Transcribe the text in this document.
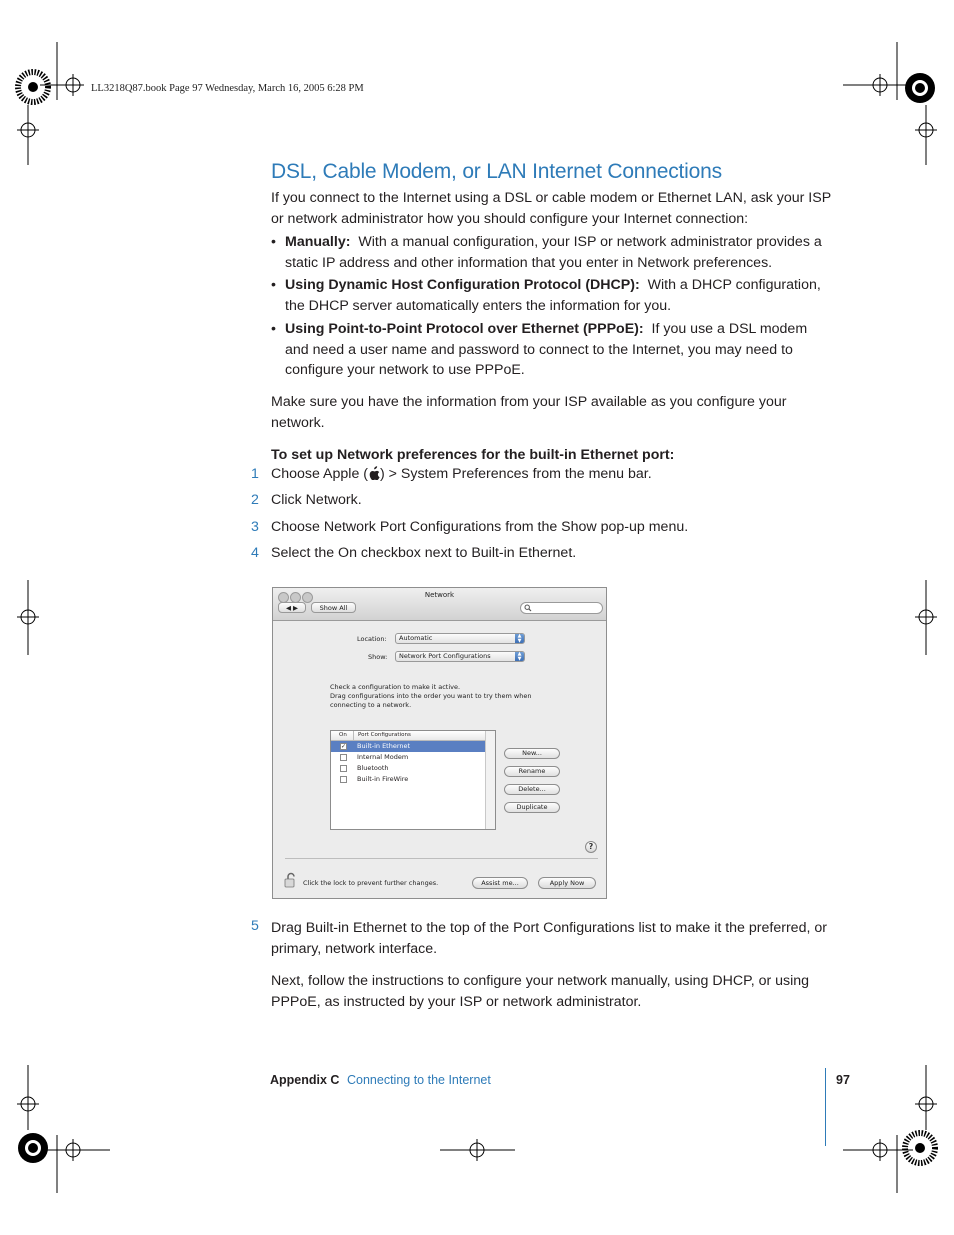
LL3218Q87.book Page 97 Wednesday, March 16, 2005 6:28 PM
DSL, Cable Modem, or LAN Internet Connections
If you connect to the Internet using a DSL or cable modem or Ethernet LAN, ask your ISP or network administrator how you should configure your Internet connection:
• Manually: With a manual configuration, your ISP or network administrator provides a static IP address and other information that you enter in Network preferences.
• Using Dynamic Host Configuration Protocol (DHCP): With a DHCP configuration, the DHCP server automatically enters the information for you.
• Using Point-to-Point Protocol over Ethernet (PPPoE): If you use a DSL modem and need a user name and password to connect to the Internet, you may need to configure your network to use PPPoE.
Make sure you have the information from your ISP available as you configure your network.
To set up Network preferences for the built-in Ethernet port:
1 Choose Apple ( ) > System Preferences from the menu bar.
2 Click Network.
3 Choose Network Port Configurations from the Show pop-up menu.
4 Select the On checkbox next to Built-in Ethernet.
Network
◀ ▶	Show All
Location:	Automatic	▲
▼
Show:	Network Port Configurations	▲
▼
Check a configuration to make it active.
Drag configurations into the order you want to try them when
connecting to a network.
On Port Configurations
✓ Built-in Ethernet
Internal Modem
Bluetooth
Built-in FireWire
New...
Rename
Delete...
Duplicate
?
Click the lock to prevent further changes.	Assist me...	Apply Now
5 Drag Built-in Ethernet to the top of the Port Configurations list to make it the preferred, or primary, network interface.
Next, follow the instructions to configure your network manually, using DHCP, or using PPPoE, as instructed by your ISP or network administrator.
Appendix C Connecting to the Internet	97
